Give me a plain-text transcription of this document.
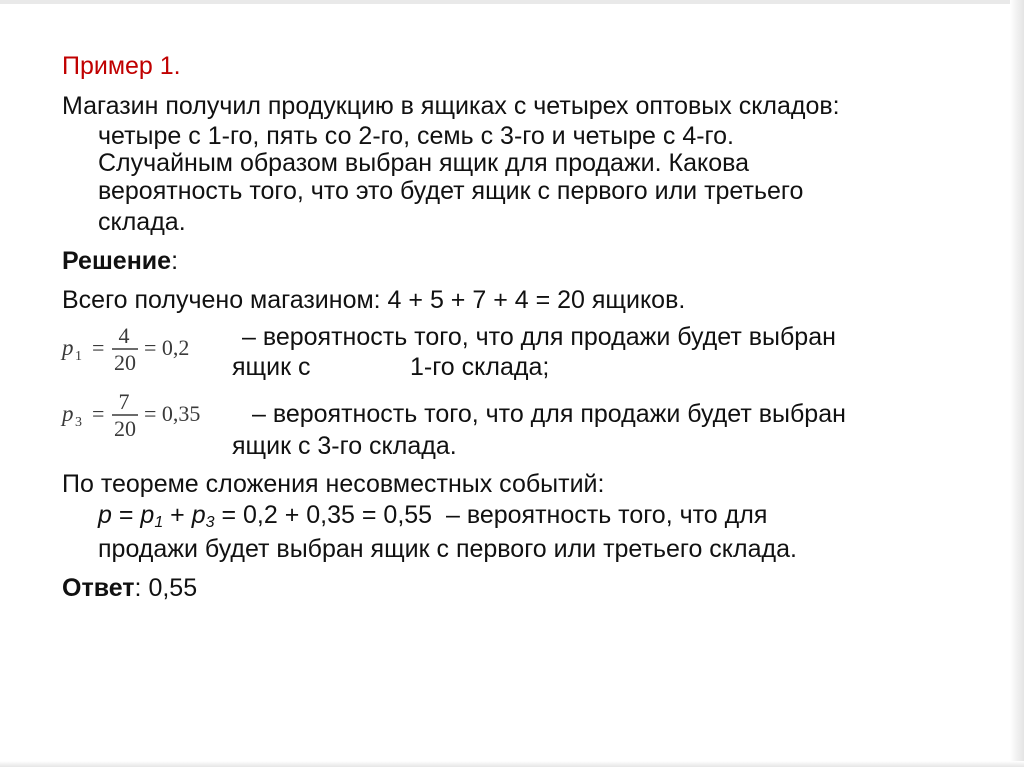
Пример 1.
Магазин получил продукцию в ящиках с четырех оптовых складов:
четыре с 1-го, пять со 2-го, семь с 3-го и четыре с 4-го.
Случайным образом выбран ящик для продажи. Какова
вероятность того, что это будет ящик с первого или третьего
склада.
Решение:
Всего получено магазином: 4 + 5 + 7 + 4 = 20 ящиков.
p 1 = 4
20
= 0,2 – вероятность того, что для продажи будет выбран
ящик с	1-го склада;
p 3 = 7
20
= 0,35 – вероятность того, что для продажи будет выбран
ящик с 3-го склада.
По теореме сложения несовместных событий:
$p = p_1 + p_3 = 0,2 + 0,35 = 0,55$ – вероятность того, что для
продажи будет выбран ящик с первого или третьего склада.
Ответ: 0,55
